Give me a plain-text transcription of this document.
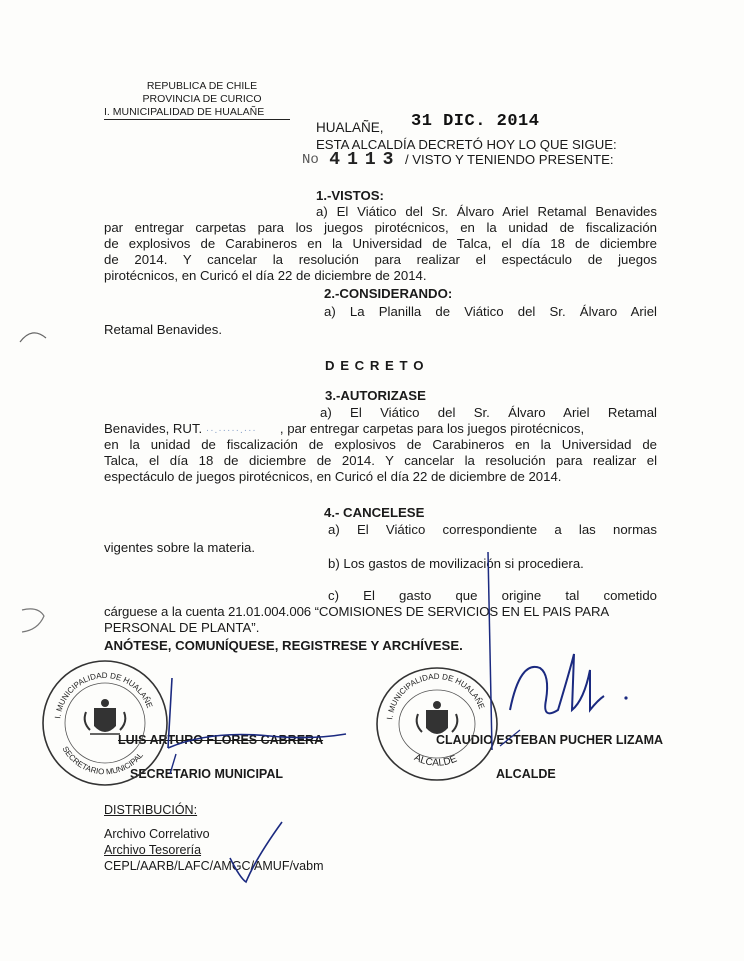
REPUBLICA DE CHILE
PROVINCIA DE CURICO
I. MUNICIPALIDAD DE HUALAÑE
HUALAÑE, 31 DIC. 2014
ESTA ALCALDÍA DECRETÓ HOY LO QUE SIGUE:
No 4113 / VISTO Y TENIENDO PRESENTE:
1.-VISTOS:
a) El Viático del Sr. Álvaro Ariel Retamal Benavides
par entregar carpetas para los juegos pirotécnicos, en la unidad de fiscalización
de explosivos de Carabineros en la Universidad de Talca, el día 18 de diciembre
de 2014. Y cancelar la resolución para realizar el espectáculo de juegos
pirotécnicos, en Curicó el día 22 de diciembre de 2014.
2.-CONSIDERANDO:
a) La Planilla de Viático del Sr. Álvaro Ariel
Retamal Benavides.
D E C R E T O
3.-AUTORIZASE
a) El Viático del Sr. Álvaro Ariel Retamal
Benavides, RUT. ··.·····.··· , par entregar carpetas para los juegos pirotécnicos,
en la unidad de fiscalización de explosivos de Carabineros en la Universidad de
Talca, el día 18 de diciembre de 2014. Y cancelar la resolución para realizar el
espectáculo de juegos pirotécnicos, en Curicó el día 22 de diciembre de 2014.
4.- CANCELESE
a) El Viático correspondiente a las normas
vigentes sobre la materia.
b) Los gastos de movilización si procediera.
c) El gasto que origine tal cometido
cárguese a la cuenta 21.01.004.006 “COMISIONES DE SERVICIOS EN EL PAIS PARA
PERSONAL DE PLANTA”.
ANÓTESE, COMUNÍQUESE, REGISTRESE Y ARCHÍVESE.
LUIS ARTURO FLORES CABRERA
SECRETARIO MUNICIPAL
CLAUDIO ESTEBAN PUCHER LIZAMA
ALCALDE
I. MUNICIPALIDAD DE HUALAÑE
SECRETARIO MUNICIPAL
I. MUNICIPALIDAD DE HUALAÑE
ALCALDE
DISTRIBUCIÓN:
Archivo Correlativo
Archivo Tesorería
CEPL/AARB/LAFC/AMGC/AMUF/vabm
